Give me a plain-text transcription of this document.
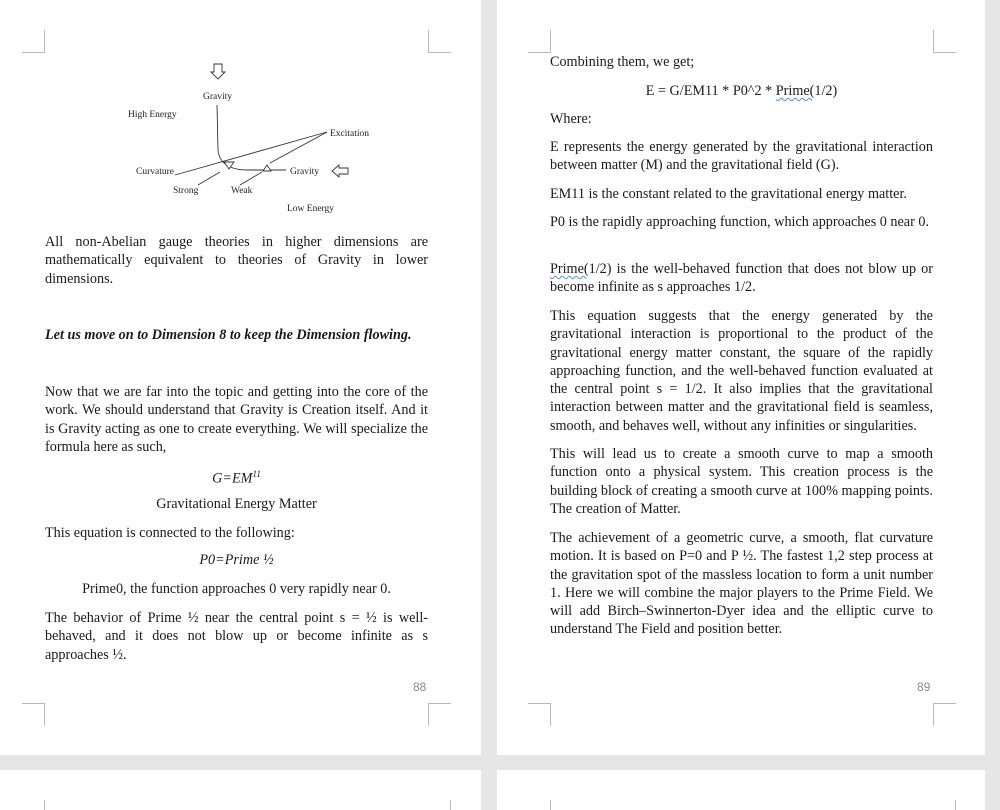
Gravity
High Energy
Excitation
Curvature	Gravity
Strong	Weak
Low Energy
All non-Abelian gauge theories in higher dimensions are mathematically equivalent to theories of Gravity in lower dimensions.
Let us move on to Dimension 8 to keep the Dimension flowing.
Now that we are far into the topic and getting into the core of the work. We should understand that Gravity is Creation itself. And it is Gravity acting as one to create everything. We will specialize the formula here as such,
$G=EM^{11}$
Gravitational Energy Matter
This equation is connected to the following:
P0=Prime ½
Prime0, the function approaches 0 very rapidly near 0.
The behavior of Prime ½ near the central point s = ½ is well-behaved, and it does not blow up or become infinite as s approaches ½.
88
Combining them, we get;
E = G/EM11 * P0^2 * Prime(1/2)
Where:
E represents the energy generated by the gravitational interaction between matter (M) and the gravitational field (G).
EM11 is the constant related to the gravitational energy matter.
P0 is the rapidly approaching function, which approaches 0 near 0.
Prime(1/2) is the well-behaved function that does not blow up or become infinite as s approaches 1/2.
This equation suggests that the energy generated by the gravitational interaction is proportional to the product of the gravitational energy matter constant, the square of the rapidly approaching function, and the well-behaved function evaluated at the central point s = 1/2. It also implies that the gravitational interaction between matter and the gravitational field is seamless, smooth, and behaves well, without any infinities or singularities.
This will lead us to create a smooth curve to map a smooth function onto a physical system. This creation process is the building block of creating a smooth curve at 100% mapping points. The creation of Matter.
The achievement of a geometric curve, a smooth, flat curvature motion. It is based on P=0 and P ½. The fastest 1,2 step process at the gravitation spot of the massless location to form a unit number 1. Here we will combine the major players to the Prime Field. We will add Birch–Swinnerton-Dyer idea and the elliptic curve to understand The Field and position better.
89
